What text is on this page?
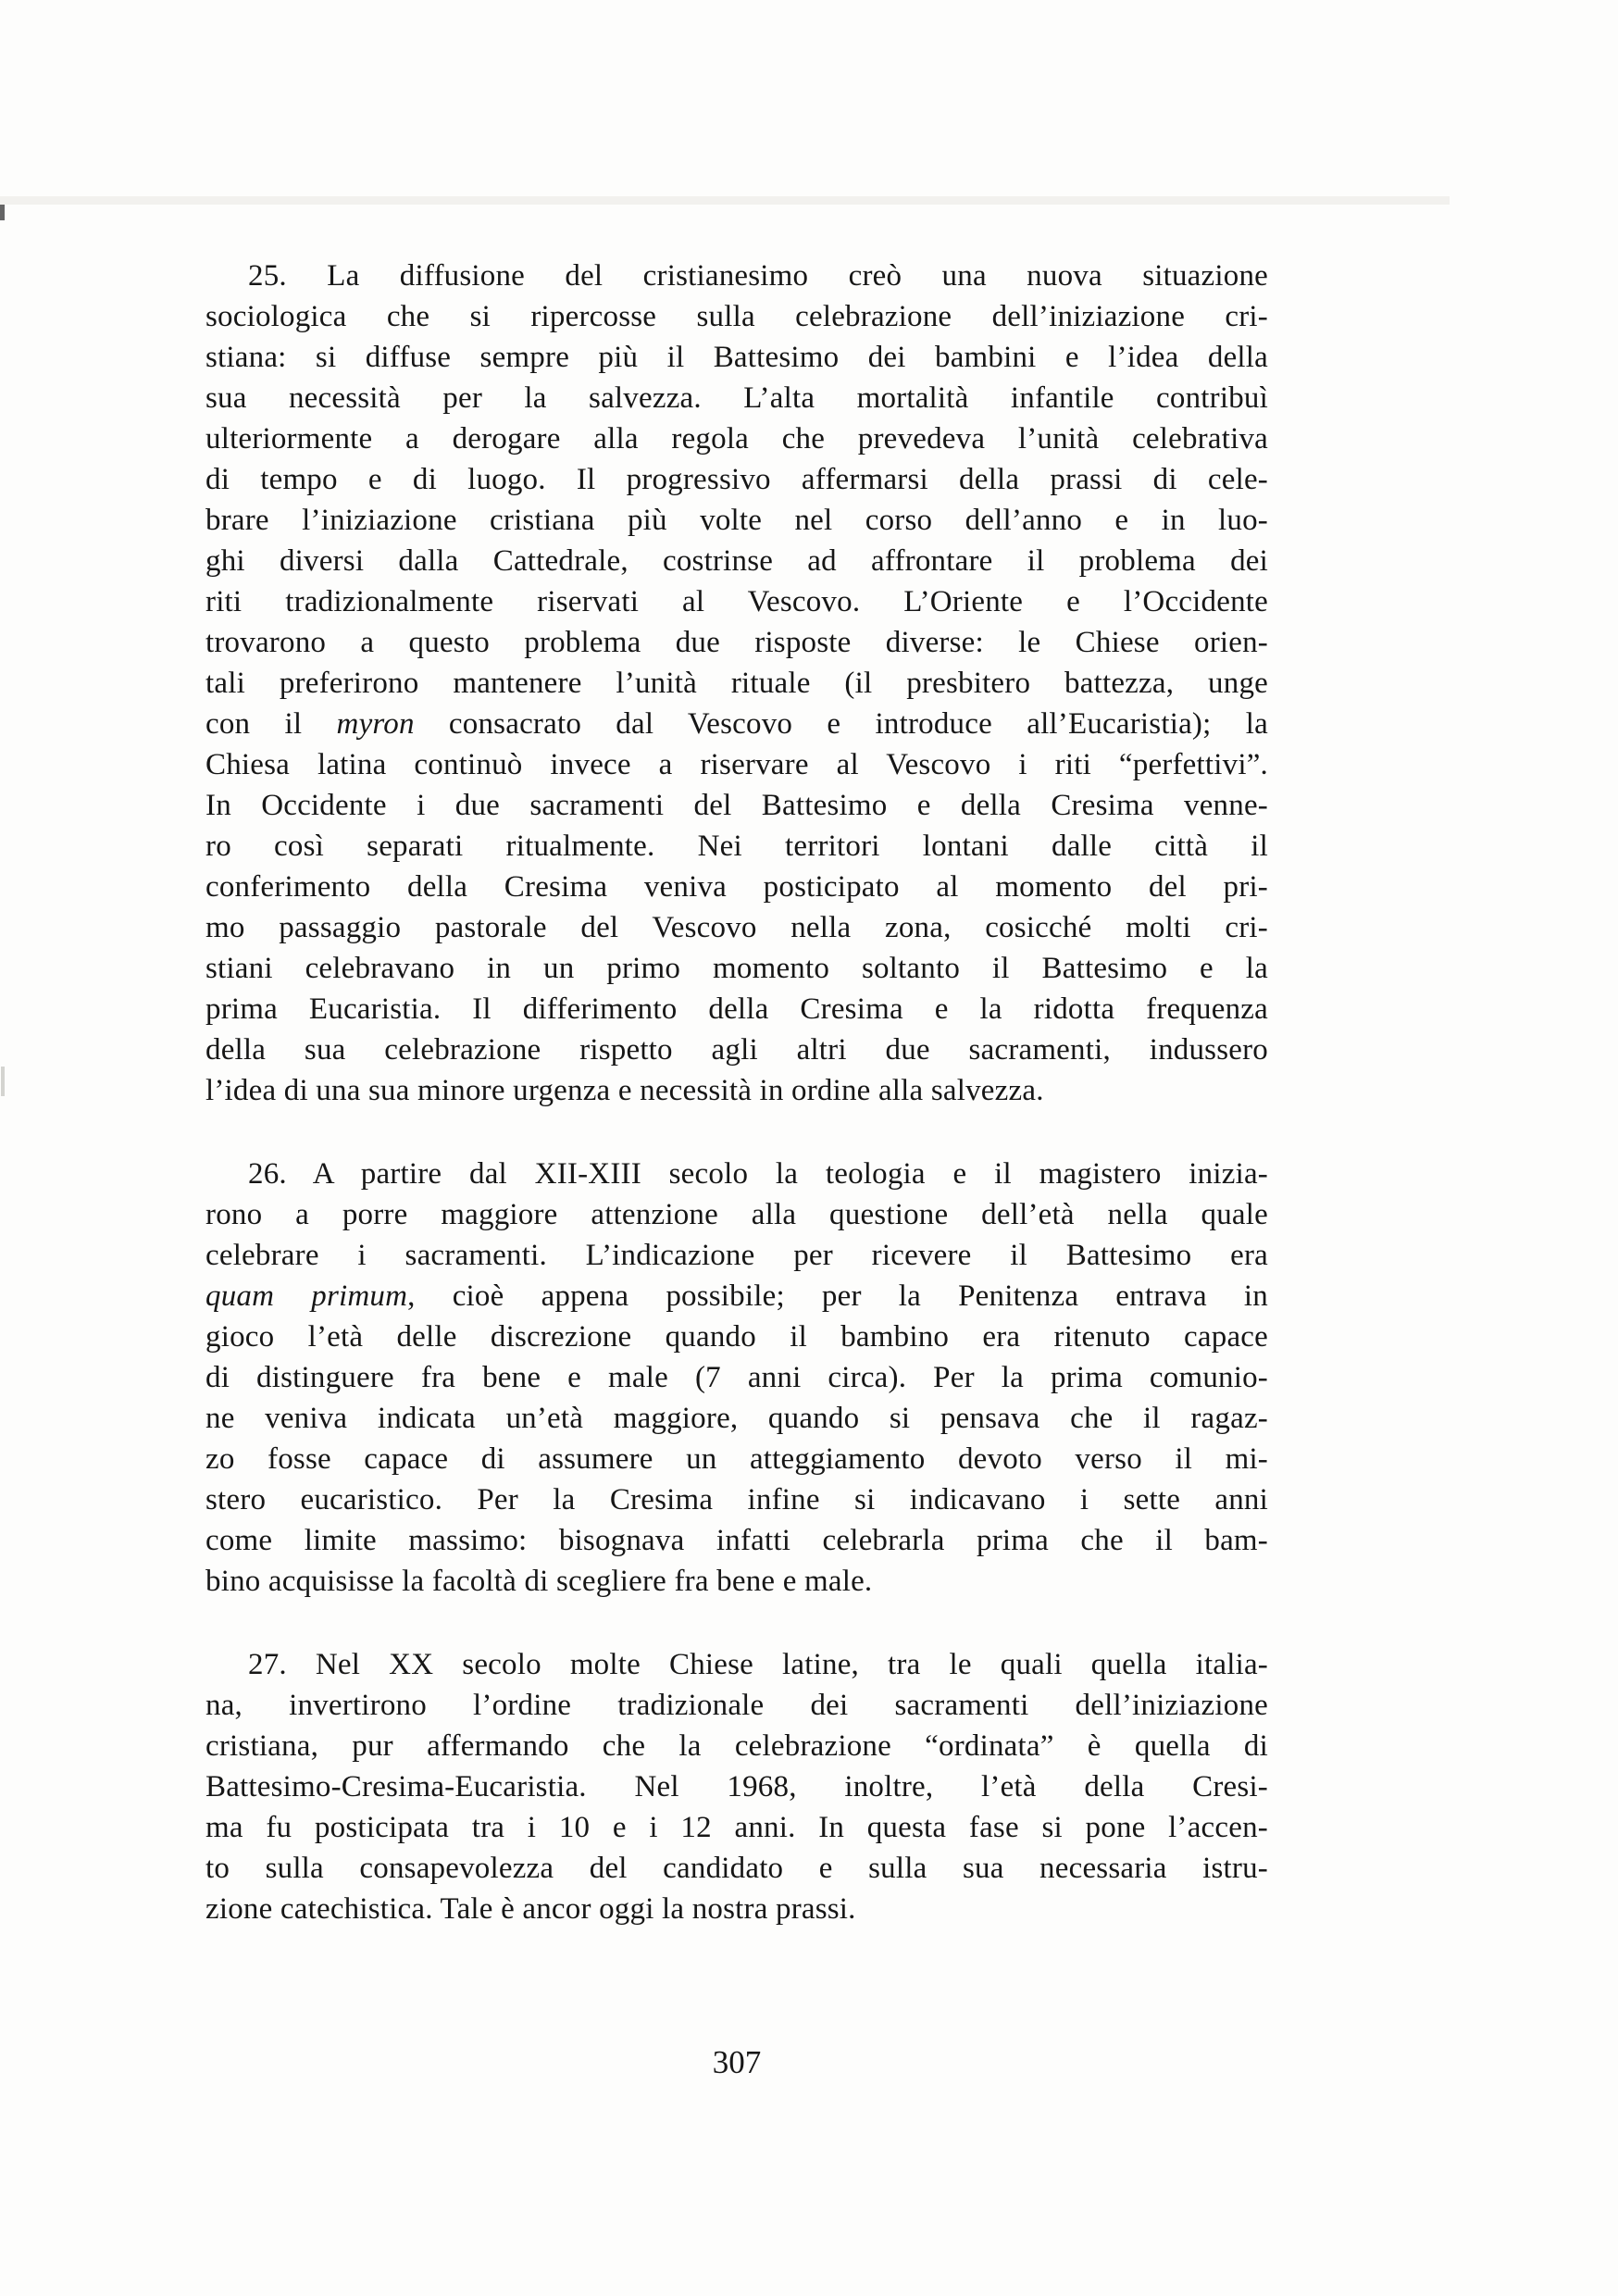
25. La diffusione del cristianesimo creò una nuova situazione
sociologica che si ripercosse sulla celebrazione dell’iniziazione cri-
stiana: si diffuse sempre più il Battesimo dei bambini e l’idea della
sua necessità per la salvezza. L’alta mortalità infantile contribuì
ulteriormente a derogare alla regola che prevedeva l’unità celebrativa
di tempo e di luogo. Il progressivo affermarsi della prassi di cele-
brare l’iniziazione cristiana più volte nel corso dell’anno e in luo-
ghi diversi dalla Cattedrale, costrinse ad affrontare il problema dei
riti tradizionalmente riservati al Vescovo. L’Oriente e l’Occidente
trovarono a questo problema due risposte diverse: le Chiese orien-
tali preferirono mantenere l’unità rituale (il presbitero battezza, unge
con il myron consacrato dal Vescovo e introduce all’Eucaristia); la
Chiesa latina continuò invece a riservare al Vescovo i riti “perfettivi”.
In Occidente i due sacramenti del Battesimo e della Cresima venne-
ro così separati ritualmente. Nei territori lontani dalle città il
conferimento della Cresima veniva posticipato al momento del pri-
mo passaggio pastorale del Vescovo nella zona, cosicché molti cri-
stiani celebravano in un primo momento soltanto il Battesimo e la
prima Eucaristia. Il differimento della Cresima e la ridotta frequenza
della sua celebrazione rispetto agli altri due sacramenti, indussero
l’idea di una sua minore urgenza e necessità in ordine alla salvezza.
26. A partire dal XII-XIII secolo la teologia e il magistero inizia-
rono a porre maggiore attenzione alla questione dell’età nella quale
celebrare i sacramenti. L’indicazione per ricevere il Battesimo era
quam primum, cioè appena possibile; per la Penitenza entrava in
gioco l’età delle discrezione quando il bambino era ritenuto capace
di distinguere fra bene e male (7 anni circa). Per la prima comunio-
ne veniva indicata un’età maggiore, quando si pensava che il ragaz-
zo fosse capace di assumere un atteggiamento devoto verso il mi-
stero eucaristico. Per la Cresima infine si indicavano i sette anni
come limite massimo: bisognava infatti celebrarla prima che il bam-
bino acquisisse la facoltà di scegliere fra bene e male.
27. Nel XX secolo molte Chiese latine, tra le quali quella italia-
na, invertirono l’ordine tradizionale dei sacramenti dell’iniziazione
cristiana, pur affermando che la celebrazione “ordinata” è quella di
Battesimo-Cresima-Eucaristia. Nel 1968, inoltre, l’età della Cresi-
ma fu posticipata tra i 10 e i 12 anni. In questa fase si pone l’accen-
to sulla consapevolezza del candidato e sulla sua necessaria istru-
zione catechistica. Tale è ancor oggi la nostra prassi.
307
